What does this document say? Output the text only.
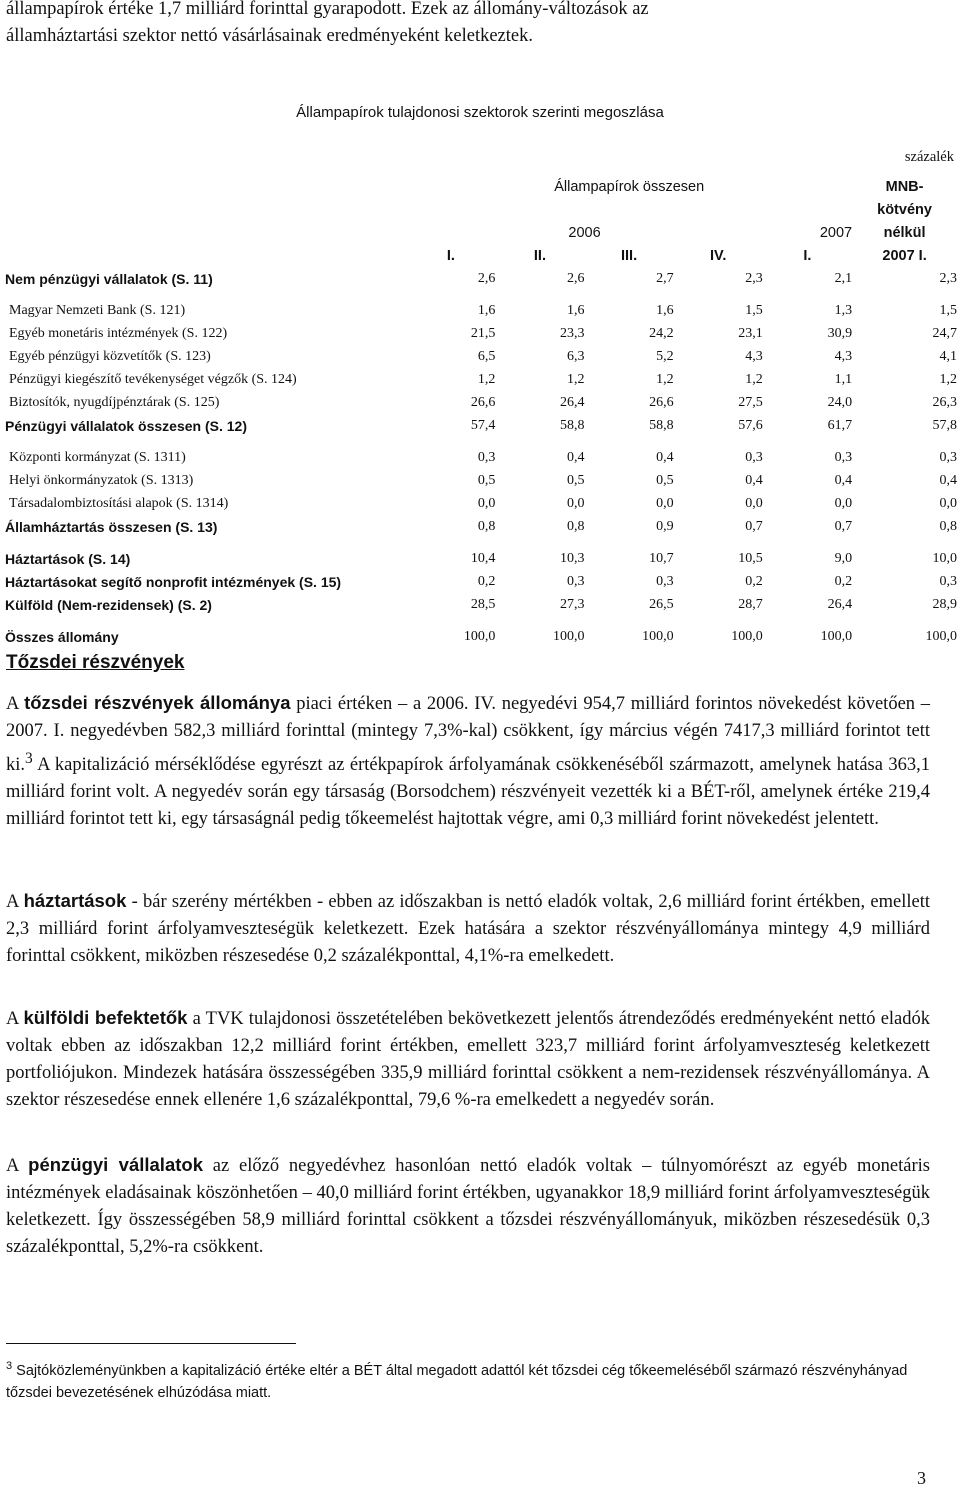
állampapírok értéke 1,7 milliárd forinttal gyarapodott. Ezek az állomány-változások az

államháztartási szektor nettó vásárlásainak eredményeként keletkeztek.

Állampapírok tulajdonosi szektorok szerinti megoszlása
százalék
	Állampapírok összesen					MNB-
						kötvény
	2006				2007	nélkül
	I.	II.	III.	IV.	I.	2007 I.
Nem pénzügyi vállalatok (S. 11)	2,6	2,6	2,7	2,3	2,1	2,3

Magyar Nemzeti Bank (S. 121)	1,6	1,6	1,6	1,5	1,3	1,5
Egyéb monetáris intézmények (S. 122)	21,5	23,3	24,2	23,1	30,9	24,7
Egyéb pénzügyi közvetítők (S. 123)	6,5	6,3	5,2	4,3	4,3	4,1
Pénzügyi kiegészítő tevékenységet végzők (S. 124)	1,2	1,2	1,2	1,2	1,1	1,2
Biztosítók, nyugdíjpénztárak (S. 125)	26,6	26,4	26,6	27,5	24,0	26,3
Pénzügyi vállalatok összesen (S. 12)	57,4	58,8	58,8	57,6	61,7	57,8

Központi kormányzat (S. 1311)	0,3	0,4	0,4	0,3	0,3	0,3
Helyi önkormányzatok (S. 1313)	0,5	0,5	0,5	0,4	0,4	0,4
Társadalombiztosítási alapok (S. 1314)	0,0	0,0	0,0	0,0	0,0	0,0
Államháztartás összesen (S. 13)	0,8	0,8	0,9	0,7	0,7	0,8

Háztartások (S. 14)	10,4	10,3	10,7	10,5	9,0	10,0
Háztartásokat segítő nonprofit intézmények (S. 15)	0,2	0,3	0,3	0,2	0,2	0,3
Külföld (Nem-rezidensek) (S. 2)	28,5	27,3	26,5	28,7	26,4	28,9

Összes állomány	100,0	100,0	100,0	100,0	100,0	100,0
Tőzsdei részvények

A tőzsdei részvények állománya piaci értéken – a 2006. IV. negyedévi 954,7 milliárd forintos növekedést követően – 2007. I. negyedévben 582,3 milliárd forinttal (mintegy 7,3%-kal) csökkent, így március végén 7417,3 milliárd forintot tett ki.$^3$ A kapitalizáció mérséklődése egyrészt az értékpapírok árfolyamának csökkenéséből származott, amelynek hatása 363,1 milliárd forint volt. A negyedév során egy társaság (Borsodchem) részvényeit vezették ki a BÉT-ről, amelynek értéke 219,4 milliárd forintot tett ki, egy társaságnál pedig tőkeemelést hajtottak végre, ami 0,3 milliárd forint növekedést jelentett.

A háztartások - bár szerény mértékben - ebben az időszakban is nettó eladók voltak, 2,6 milliárd forint értékben, emellett 2,3 milliárd forint árfolyamveszteségük keletkezett. Ezek hatására a szektor részvényállománya mintegy 4,9 milliárd forinttal csökkent, miközben részesedése 0,2 százalékponttal, 4,1%-ra emelkedett.

A külföldi befektetők a TVK tulajdonosi összetételében bekövetkezett jelentős átrendeződés eredményeként nettó eladók voltak ebben az időszakban 12,2 milliárd forint értékben, emellett 323,7 milliárd forint árfolyamveszteség keletkezett portfoliójukon. Mindezek hatására összességében 335,9 milliárd forinttal csökkent a nem-rezidensek részvényállománya. A szektor részesedése ennek ellenére 1,6 százalékponttal, 79,6 %-ra emelkedett a negyedév során.

A pénzügyi vállalatok az előző negyedévhez hasonlóan nettó eladók voltak – túlnyomórészt az egyéb monetáris intézmények eladásainak köszönhetően – 40,0 milliárd forint értékben, ugyanakkor 18,9 milliárd forint árfolyamveszteségük keletkezett. Így összességében 58,9 milliárd forinttal csökkent a tőzsdei részvényállományuk, miközben részesedésük 0,3 százalékponttal, 5,2%-ra csökkent.

$^3$ Sajtóközleményünkben a kapitalizáció értéke eltér a BÉT által megadott adattól két tőzsdei cég tőkeemeléséből származó részvényhányad tőzsdei bevezetésének elhúzódása miatt.
3
